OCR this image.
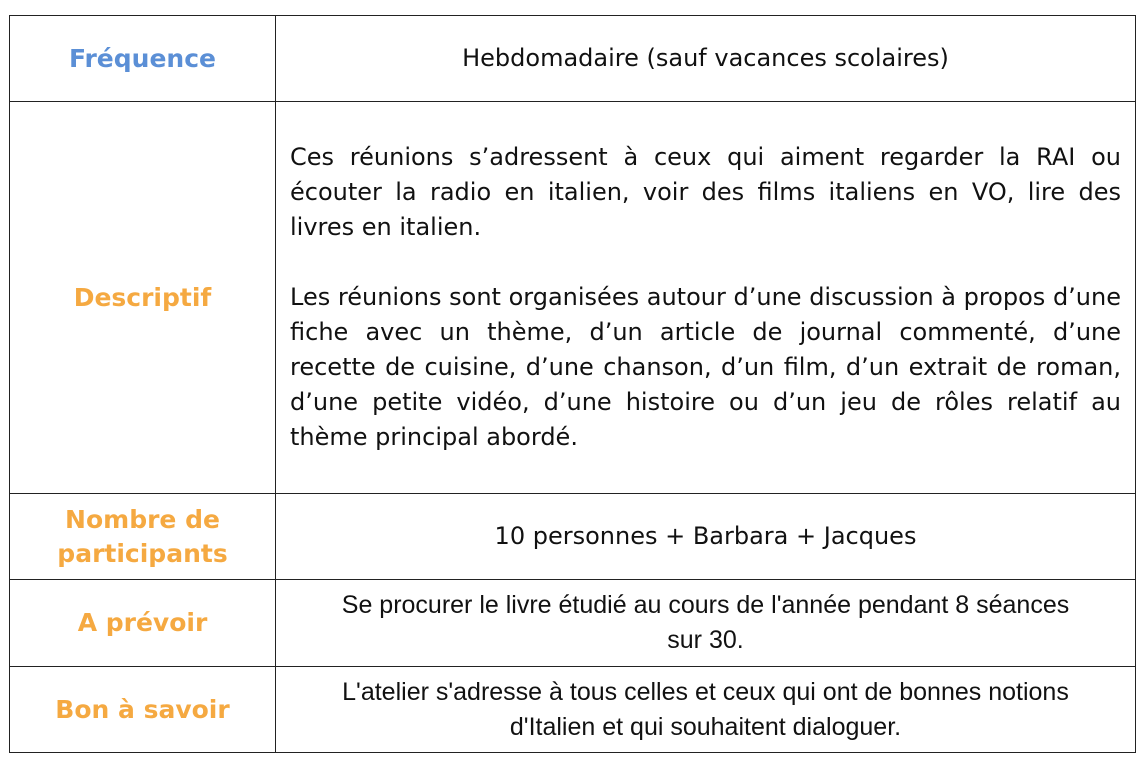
Fréquence	Hebdomadaire (sauf vacances scolaires)
Descriptif	Ces réunions s’adressent à ceux qui aiment regarder la RAI ou écouter la radio en italien, voir des films italiens en VO, lire des livres en italien.

Les réunions sont organisées autour d’une discussion à propos d’une fiche avec un thème, d’un article de journal commenté, d’une recette de cuisine, d’une chanson, d’un film, d’un extrait de roman, d’une petite vidéo, d’une histoire ou d’un jeu de rôles relatif au thème principal abordé.

Nombre de participants	10 personnes + Barbara + Jacques
A prévoir	Se procurer le livre étudié au cours de l'année pendant 8 séances sur 30.

Bon à savoir	L'atelier s'adresse à tous celles et ceux qui ont de bonnes notions d'Italien et qui souhaitent dialoguer.
